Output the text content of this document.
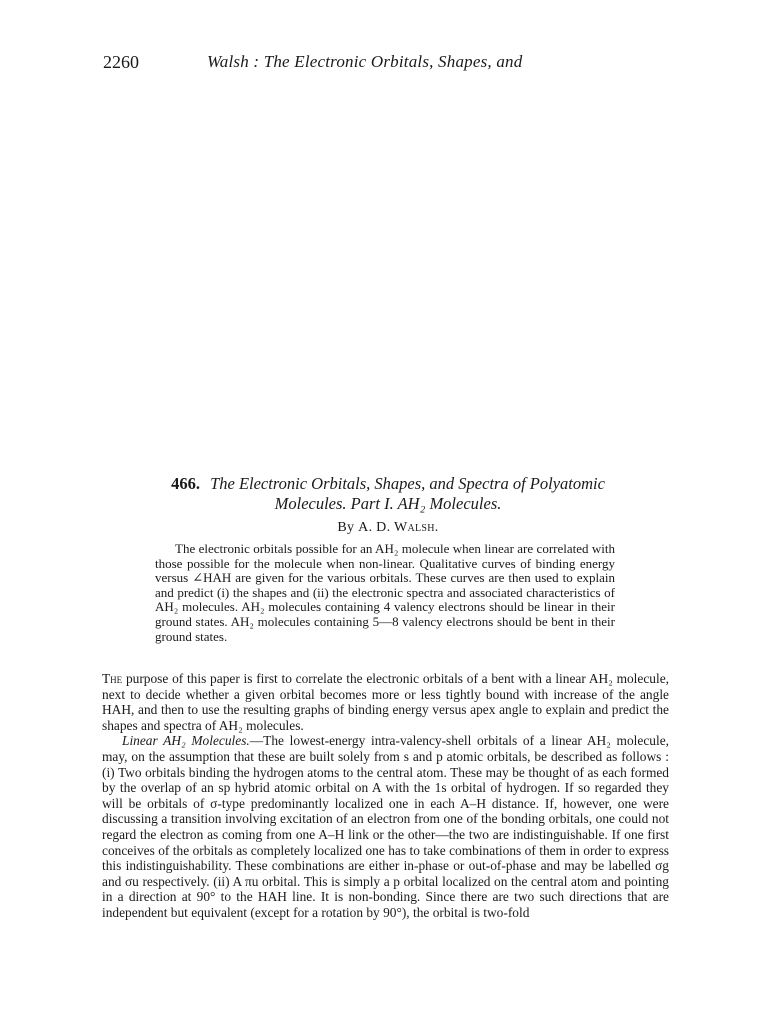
2260	Walsh : The Electronic Orbitals, Shapes, and
466. The Electronic Orbitals, Shapes, and Spectra of Polyatomic
Molecules. Part I. AH₂ Molecules.
By A. D. Walsh.

The electronic orbitals possible for an AH₂ molecule when linear are correlated with those possible for the molecule when non-linear. Qualitative curves of binding energy versus ∠HAH are given for the various orbitals. These curves are then used to explain and predict (i) the shapes and (ii) the electronic spectra and associated characteristics of AH₂ molecules. AH₂ molecules containing 4 valency electrons should be linear in their ground states. AH₂ molecules containing 5—8 valency electrons should be bent in their ground states.

The purpose of this paper is first to correlate the electronic orbitals of a bent with a linear AH₂ molecule, next to decide whether a given orbital becomes more or less tightly bound with increase of the angle HAH, and then to use the resulting graphs of binding energy versus apex angle to explain and predict the shapes and spectra of AH₂ molecules.

Linear AH₂ Molecules.—The lowest-energy intra-valency-shell orbitals of a linear AH₂ molecule, may, on the assumption that these are built solely from s and p atomic orbitals, be described as follows : (i) Two orbitals binding the hydrogen atoms to the central atom. These may be thought of as each formed by the overlap of an sp hybrid atomic orbital on A with the 1s orbital of hydrogen. If so regarded they will be orbitals of σ-type predominantly localized one in each A–H distance. If, however, one were discussing a transition involving excitation of an electron from one of the bonding orbitals, one could not regard the electron as coming from one A–H link or the other—the two are indistinguishable. If one first conceives of the orbitals as completely localized one has to take combinations of them in order to express this indistinguishability. These combinations are either in-phase or out-of-phase and may be labelled σg and σu respectively. (ii) A πu orbital. This is simply a p orbital localized on the central atom and pointing in a direction at 90° to the HAH line. It is non-bonding. Since there are two such directions that are independent but equivalent (except for a rotation by 90°), the orbital is two-fold
